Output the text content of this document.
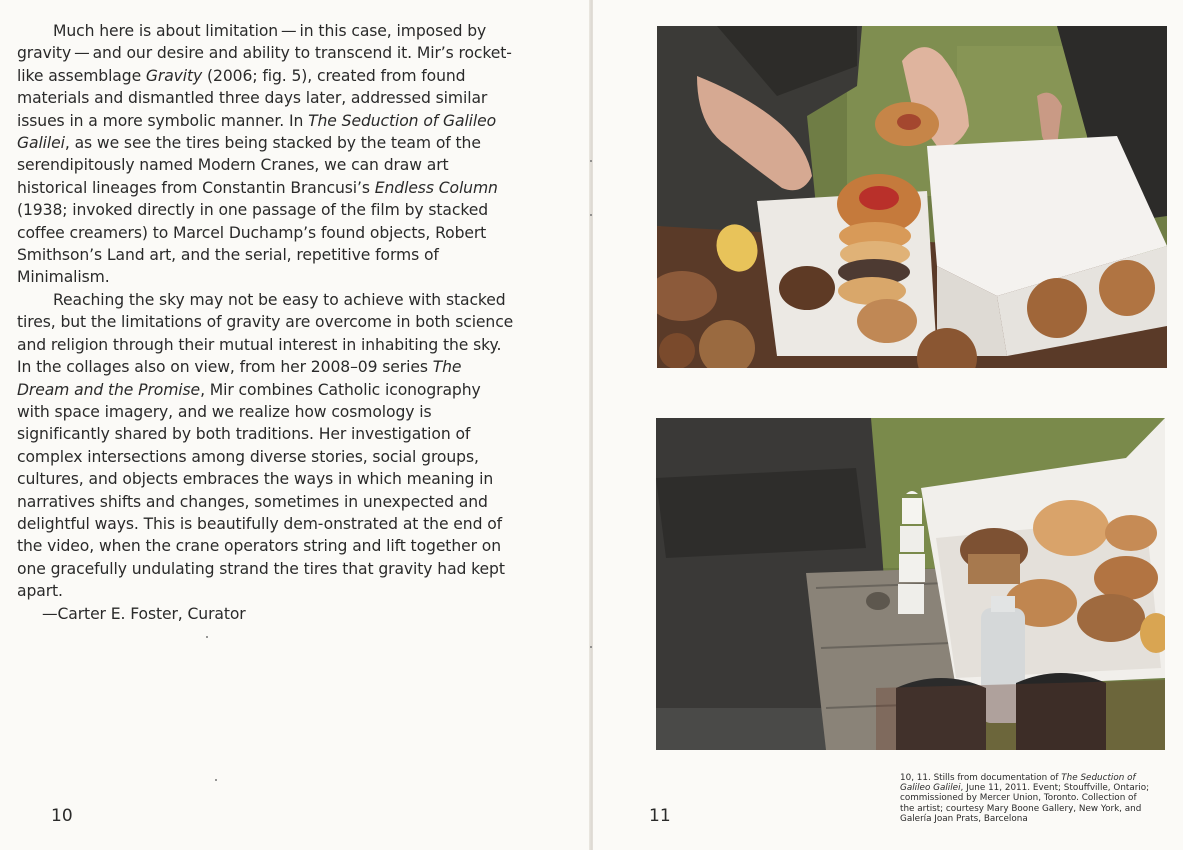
Much here is about limitation — in this case, imposed by gravity — and our desire and ability to transcend it. Mir’s rocket-like assemblage Gravity (2006; fig. 5), created from found materials and dismantled three days later, addressed similar issues in a more symbolic manner. In The Seduction of Galileo Galilei, as we see the tires being stacked by the team of the serendipitously named Modern Cranes, we can draw art historical lineages from Constantin Brancusi’s Endless Column (1938; invoked directly in one passage of the film by stacked coffee creamers) to Marcel Duchamp’s found objects, Robert Smithson’s Land art, and the serial, repetitive forms of Minimalism.

Reaching the sky may not be easy to achieve with stacked tires, but the limitations of gravity are overcome in both science and religion through their mutual interest in inhabiting the sky. In the collages also on view, from her 2008–09 series The Dream and the Promise, Mir combines Catholic iconography with space imagery, and we realize how cosmology is significantly shared by both traditions. Her investigation of complex intersections among diverse stories, social groups, cultures, and objects embraces the ways in which meaning in narratives shifts and changes, sometimes in unexpected and delightful ways. This is beautifully dem-onstrated at the end of the video, when the crane operators string and lift together on one gracefully undulating strand the tires that gravity had kept apart.

—Carter E. Foster, Curator

10	11
10, 11. Stills from documentation of The Seduction of Galileo Galilei, June 11, 2011. Event; Stouffville, Ontario; commissioned by Mercer Union, Toronto. Collection of the artist; courtesy Mary Boone Gallery, New York, and Galería Joan Prats, Barcelona
